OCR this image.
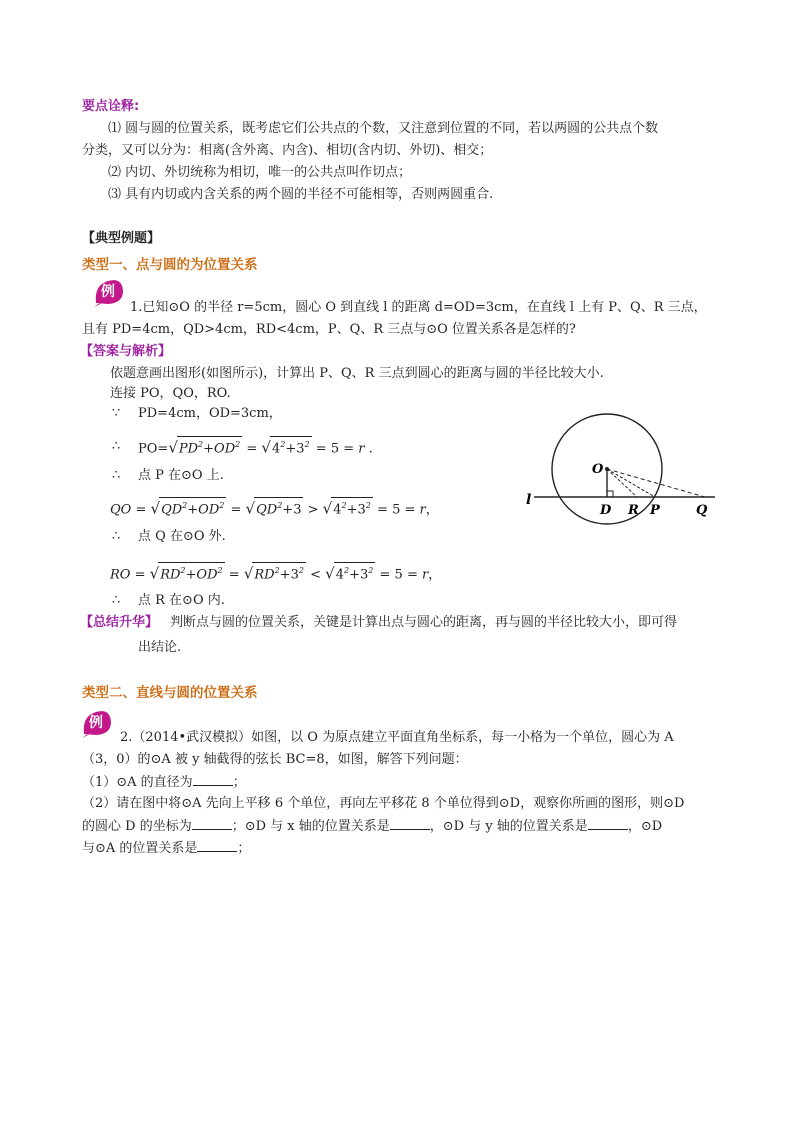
要点诠释:
⑴ 圆与圆的位置关系，既考虑它们公共点的个数，又注意到位置的不同，若以两圆的公共点个数
分类，又可以分为：相离(含外离、内含)、相切(含内切、外切)、相交；
⑵ 内切、外切统称为相切，唯一的公共点叫作切点；
⑶ 具有内切或内含关系的两个圆的半径不可能相等，否则两圆重合.
【典型例题】
类型一、点与圆的为位置关系
例
1.已知⊙O 的半径 r=5cm，圆心 O 到直线 l 的距离 d=OD=3cm，在直线 l 上有 P、Q、R 三点，
且有 PD=4cm，QD>4cm，RD<4cm，P、Q、R 三点与⊙O 位置关系各是怎样的?
【答案与解析】
依题意画出图形(如图所示)，计算出 P、Q、R 三点到圆心的距离与圆的半径比较大小.
连接 PO，QO，RO.
∵ PD=4cm，OD=3cm，
∴ $PO=√PD^2+OD^2 = √4^2+3^2 = 5 = r$ .
∴ 点 P 在⊙O 上.
QO = $√QD^2+OD^2 = √QD^2+3 > √4^2+3^2 = 5 = r$，
∴ 点 Q 在⊙O 外.
RO = $√RD^2+OD^2 = √RD^2+3^2 < √4^2+3^2 = 5 = r$，
∴ 点 R 在⊙O 内.
【总结升华】 判断点与圆的位置关系，关键是计算出点与圆心的距离，再与圆的半径比较大小，即可得
出结论.
O
D R P	Q
l
类型二、直线与圆的位置关系
例
2.（2014•武汉模拟）如图，以 O 为原点建立平面直角坐标系，每一小格为一个单位，圆心为 A
（3，0）的⊙A 被 y 轴截得的弦长 BC=8，如图，解答下列问题：
（1）⊙A 的直径为	；
（2）请在图中将⊙A 先向上平移 6 个单位，再向左平移花 8 个单位得到⊙D，观察你所画的图形，则⊙D
的圆心 D 的坐标为	；⊙D 与 x 轴的位置关系是	，⊙D 与 y 轴的位置关系是	，⊙D
与⊙A 的位置关系是	；
